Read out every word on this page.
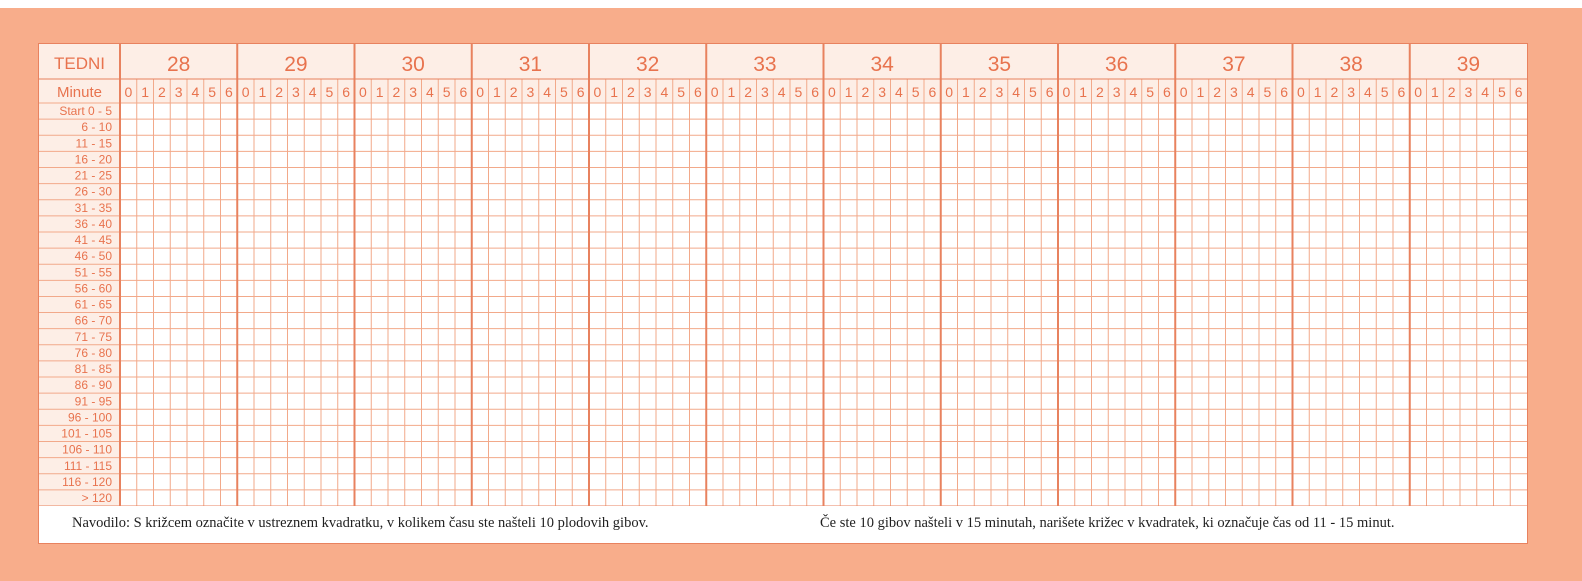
TEDNI	28	29	30	31	32	33	34	35	36	37	38	39
Minute 0 1 2 3 4 5 6 0 1 2 3 4 5 6 0 1 2 3 4 5 6 0 1 2 3 4 5 6 0 1 2 3 4 5 6 0 1 2 3 4 5 6 0 1 2 3 4 5 6 0 1 2 3 4 5 6 0 1 2 3 4 5 6 0 1 2 3 4 5 6 0 1 2 3 4 5 6 0 1 2 3 4 5 6
Start 0 - 5
6 - 10
11 - 15
16 - 20
21 - 25
26 - 30
31 - 35
36 - 40
41 - 45
46 - 50
51 - 55
56 - 60
61 - 65
66 - 70
71 - 75
76 - 80
81 - 85
86 - 90
91 - 95
96 - 100
101 - 105
106 - 110
111 - 115
116 - 120
> 120
Navodilo: S križcem označite v ustreznem kvadratku, v kolikem času ste našteli 10 plodovih gibov.	Če ste 10 gibov našteli v 15 minutah, narišete križec v kvadratek, ki označuje čas od 11 - 15 minut.
